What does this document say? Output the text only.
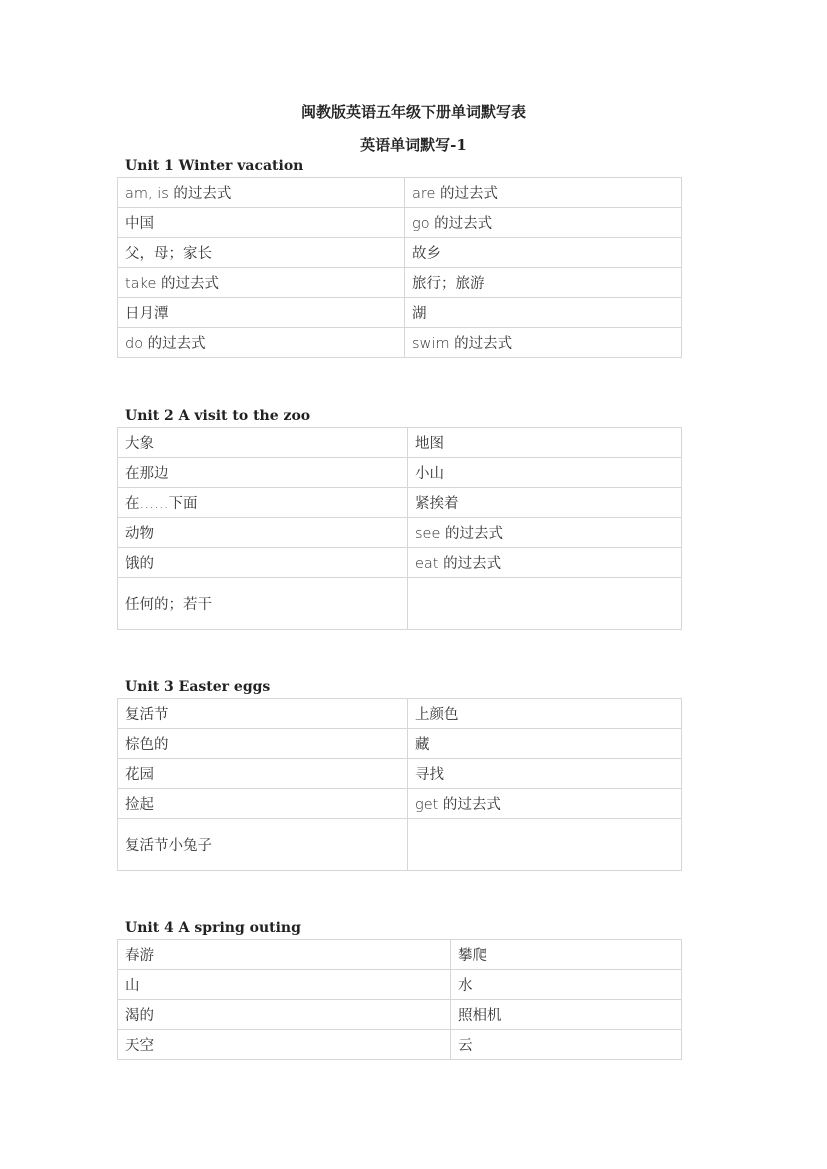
闽教版英语五年级下册单词默写表
英语单词默写-1
Unit 1 Winter vacation
am, is 的过去式	are 的过去式
中国	go 的过去式
父，母；家长	故乡
take 的过去式	旅行；旅游
日月潭	湖
do 的过去式	swim 的过去式
Unit 2 A visit to the zoo
大象	地图
在那边	小山
在……下面	紧挨着
动物	see 的过去式
饿的	eat 的过去式
任何的；若干	
Unit 3 Easter eggs
复活节	上颜色
棕色的	藏
花园	寻找
捡起	get 的过去式
复活节小兔子	
Unit 4 A spring outing
春游	攀爬
山	水
渴的	照相机
天空	云
